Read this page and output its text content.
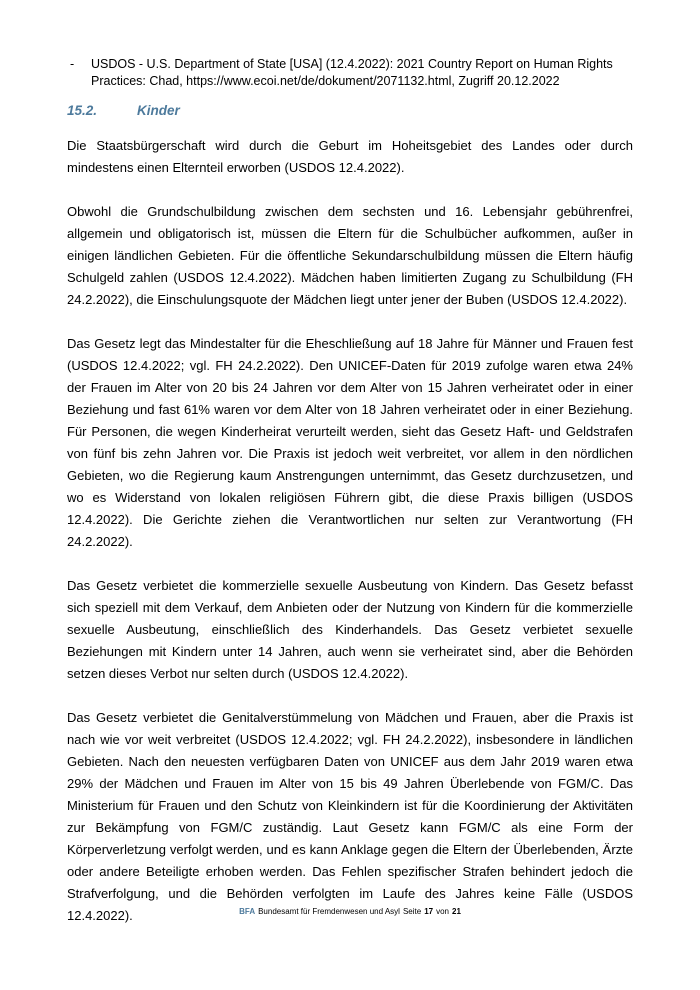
-	USDOS - U.S. Department of State [USA] (12.4.2022): 2021 Country Report on Human Rights Practices: Chad, https://www.ecoi.net/de/dokument/2071132.html, Zugriff 20.12.2022
15.2.	Kinder

Die Staatsbürgerschaft wird durch die Geburt im Hoheitsgebiet des Landes oder durch mindestens einen Elternteil erworben (USDOS 12.4.2022).

Obwohl die Grundschulbildung zwischen dem sechsten und 16. Lebensjahr gebührenfrei, allgemein und obligatorisch ist, müssen die Eltern für die Schulbücher aufkommen, außer in einigen ländlichen Gebieten. Für die öffentliche Sekundarschulbildung müssen die Eltern häufig Schulgeld zahlen (USDOS 12.4.2022). Mädchen haben limitierten Zugang zu Schulbildung (FH 24.2.2022), die Einschulungsquote der Mädchen liegt unter jener der Buben (USDOS 12.4.2022).

Das Gesetz legt das Mindestalter für die Eheschließung auf 18 Jahre für Männer und Frauen fest (USDOS 12.4.2022; vgl. FH 24.2.2022). Den UNICEF-Daten für 2019 zufolge waren etwa 24% der Frauen im Alter von 20 bis 24 Jahren vor dem Alter von 15 Jahren verheiratet oder in einer Beziehung und fast 61% waren vor dem Alter von 18 Jahren verheiratet oder in einer Beziehung. Für Personen, die wegen Kinderheirat verurteilt werden, sieht das Gesetz Haft- und Geldstrafen von fünf bis zehn Jahren vor. Die Praxis ist jedoch weit verbreitet, vor allem in den nördlichen Gebieten, wo die Regierung kaum Anstrengungen unternimmt, das Gesetz durchzusetzen, und wo es Widerstand von lokalen religiösen Führern gibt, die diese Praxis billigen (USDOS 12.4.2022). Die Gerichte ziehen die Verantwortlichen nur selten zur Verantwortung (FH 24.2.2022).

Das Gesetz verbietet die kommerzielle sexuelle Ausbeutung von Kindern. Das Gesetz befasst sich speziell mit dem Verkauf, dem Anbieten oder der Nutzung von Kindern für die kommerzielle sexuelle Ausbeutung, einschließlich des Kinderhandels. Das Gesetz verbietet sexuelle Beziehungen mit Kindern unter 14 Jahren, auch wenn sie verheiratet sind, aber die Behörden setzen dieses Verbot nur selten durch (USDOS 12.4.2022).

Das Gesetz verbietet die Genitalverstümmelung von Mädchen und Frauen, aber die Praxis ist nach wie vor weit verbreitet (USDOS 12.4.2022; vgl. FH 24.2.2022), insbesondere in ländlichen Gebieten. Nach den neuesten verfügbaren Daten von UNICEF aus dem Jahr 2019 waren etwa 29% der Mädchen und Frauen im Alter von 15 bis 49 Jahren Überlebende von FGM/C. Das Ministerium für Frauen und den Schutz von Kleinkindern ist für die Koordinierung der Aktivitäten zur Bekämpfung von FGM/C zuständig. Laut Gesetz kann FGM/C als eine Form der Körperverletzung verfolgt werden, und es kann Anklage gegen die Eltern der Überlebenden, Ärzte oder andere Beteiligte erhoben werden. Das Fehlen spezifischer Strafen behindert jedoch die Strafverfolgung, und die Behörden verfolgten im Laufe des Jahres keine Fälle (USDOS 12.4.2022).	BFA Bundesamt für Fremdenwesen und Asyl Seite 17 von 21
